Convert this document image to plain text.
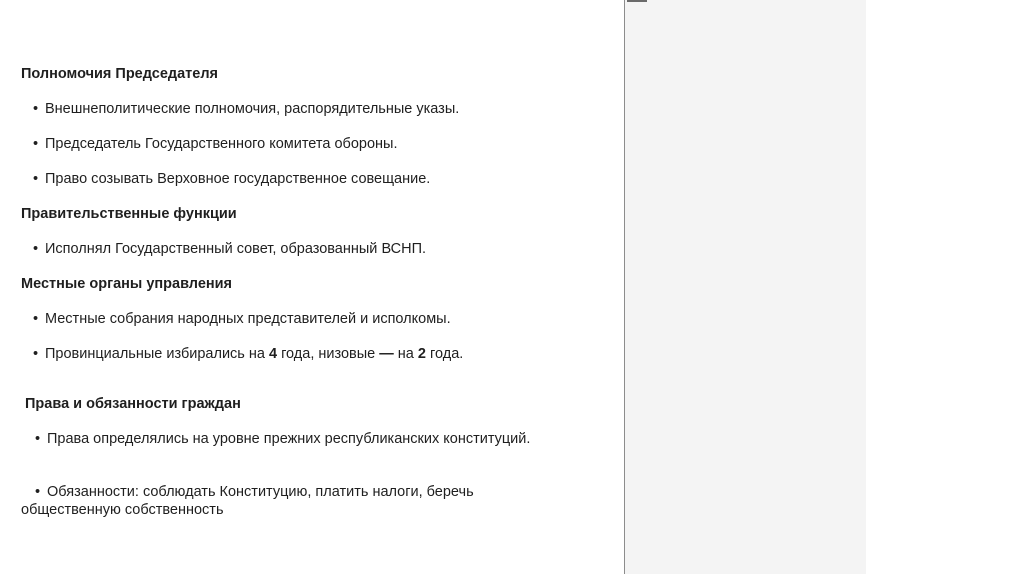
Полномочия Председателя
• Внешнеполитические полномочия, распорядительные указы.
• Председатель Государственного комитета обороны.
• Право созывать Верховное государственное совещание.
Правительственные функции
• Исполнял Государственный совет, образованный ВСНП.
Местные органы управления
• Местные собрания народных представителей и исполкомы.
• Провинциальные избирались на 4 года, низовые — на 2 года.
Права и обязанности граждан
• Права определялись на уровне прежних республиканских конституций.
• Обязанности: соблюдать Конституцию, платить налоги, беречь общественную собственность
